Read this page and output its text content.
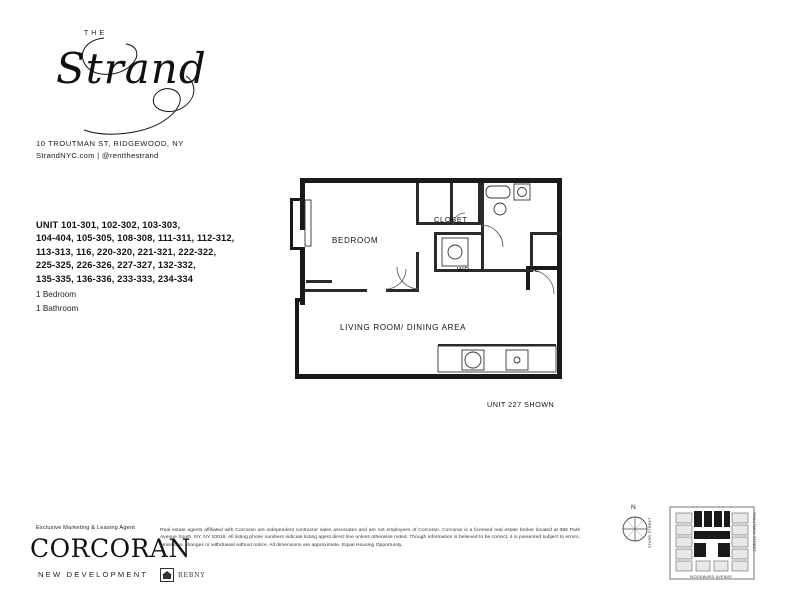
THE
Strand
10 TROUTMAN ST, RIDGEWOOD, NY
StrandNYC.com | @rentthestrand
UNIT 101-301, 102-302, 103-303,
104-404, 105-305, 108-308, 111-311, 112-312,
113-313, 116, 220-320, 221-321, 222-322,
225-325, 226-326, 227-327, 132-332,
135-335, 136-336, 233-333, 234-334
1 Bedroom
1 Bathroom
BEDROOM
CLOSET
WD	CL
LIVING ROOM/ DINING AREA
UNIT 227 SHOWN
N
STARR STREET	TROUTMAN STREET
WOODWARD AVENUE
Exclusive Marketing & Leasing Agent
CORCORAN
NEW DEVELOPMENT
Real estate agents affiliated with Corcoran are independent contractor sales associates and are not employees of Corcoran. Corcoran is a licensed real estate broker located at 386 Park Avenue South, NY, NY 10016. All listing phone numbers indicate listing agent direct line unless otherwise noted. Though information is believed to be correct, it is presented subject to errors, omissions, changes or withdrawal without notice. All dimensions are approximate. Equal Housing Opportunity.
REBNY
